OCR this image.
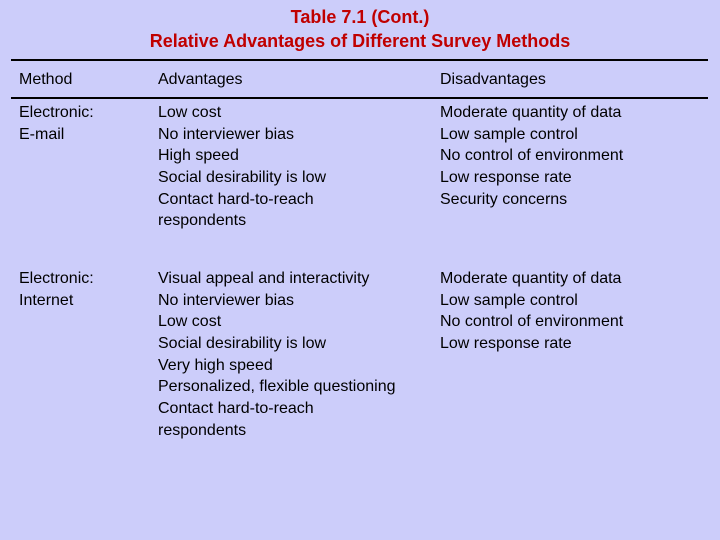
Table 7.1 (Cont.)
Relative Advantages of Different Survey Methods
Method	Advantages	Disadvantages
Electronic:
E-mail
Low cost
No interviewer bias
High speed
Social desirability is low
Contact hard-to-reach
respondents
Moderate quantity of data
Low sample control
No control of environment
Low response rate
Security concerns
Electronic:
Internet
Visual appeal and interactivity
No interviewer bias
Low cost
Social desirability is low
Very high speed
Personalized, flexible questioning
Contact hard-to-reach
respondents
Moderate quantity of data
Low sample control
No control of environment
Low response rate
